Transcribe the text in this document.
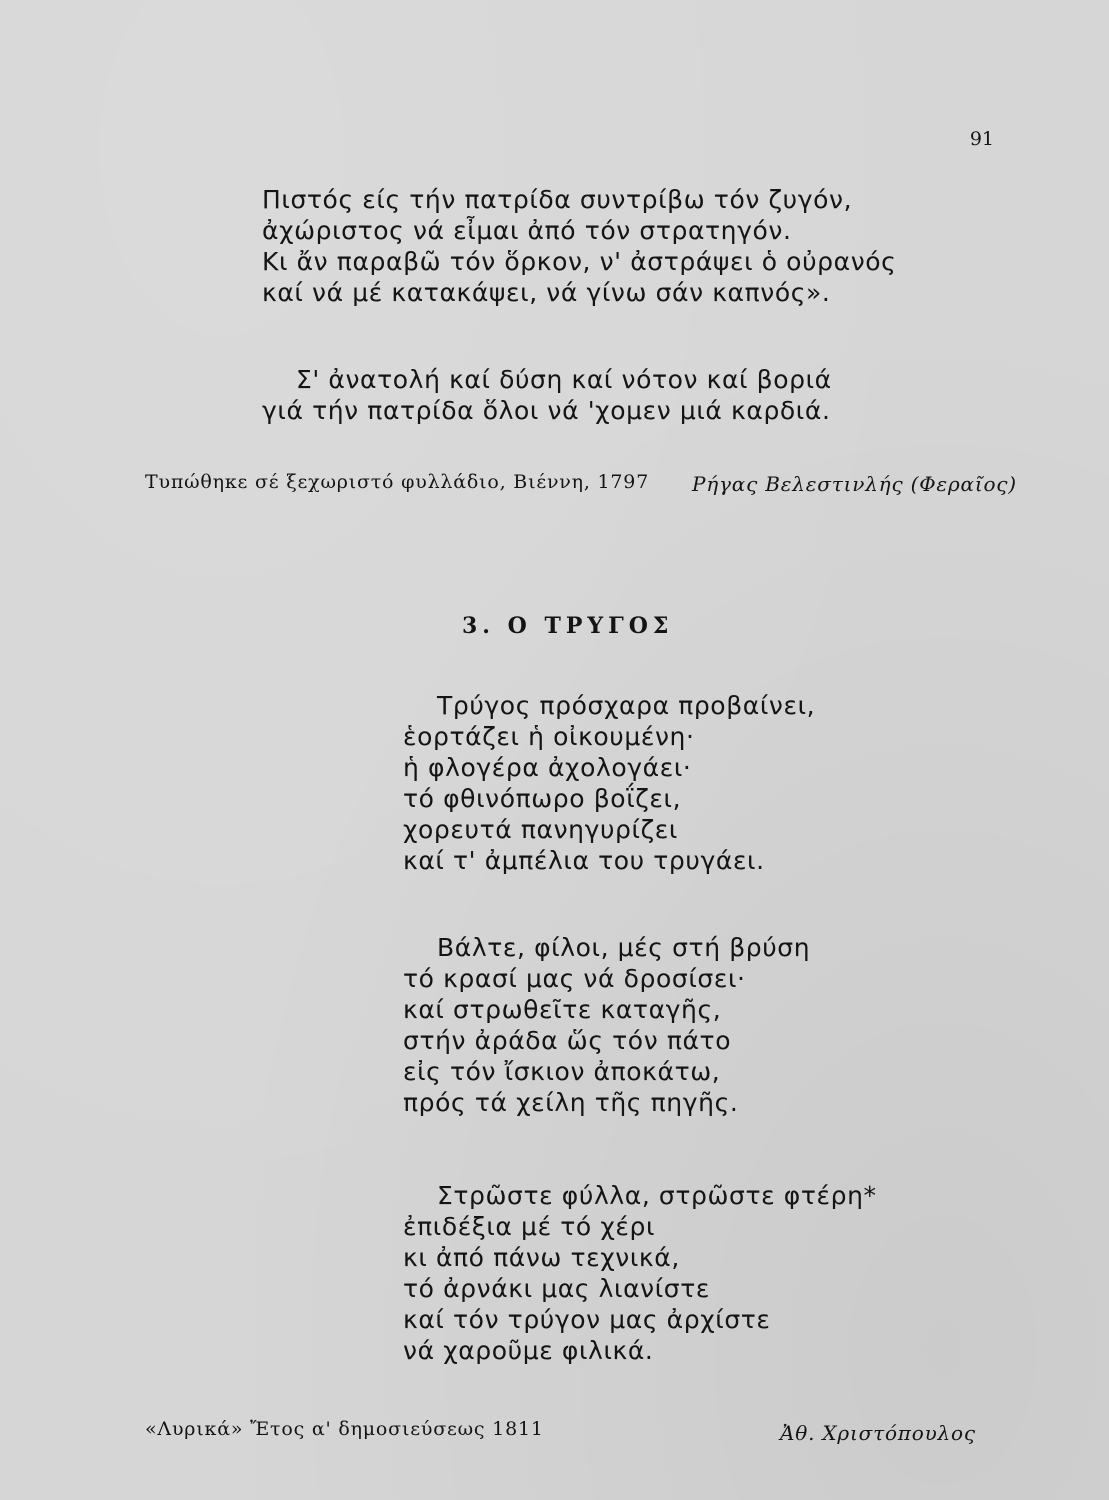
91
Πιστός είς τήν πατρίδα συντρίβω τόν ζυγόν,
ἀχώριστος νά εἶμαι ἀπό τόν στρατηγόν.
Κι ἄν παραβῶ τόν ὅρκον, ν' ἀστράψει ὁ οὐρανός
καί νά μέ κατακάψει, νά γίνω σάν καπνός».
Σ' ἀνατολή καί δύση καί νότον καί βοριά
γιά τήν πατρίδα ὅλοι νά 'χομεν μιά καρδιά.
Τυπώθηκε σέ ξεχωριστό φυλλάδιο, Βιέννη, 1797 Ρήγας Βελεστινλής (Φεραῖος)
3. Ο ΤΡΥΓΟΣ
Τρύγος πρόσχαρα προβαίνει,
ἑορτάζει ἡ οἰκουμένη·
ἡ φλογέρα ἀχολογάει·
τό φθινόπωρο βοΐζει,
χορευτά πανηγυρίζει
καί τ' ἀμπέλια του τρυγάει.
Βάλτε, φίλοι, μές στή βρύση
τό κρασί μας νά δροσίσει·
καί στρωθεῖτε καταγῆς,
στήν ἀράδα ὥς τόν πάτο
εἰς τόν ἴσκιον ἀποκάτω,
πρός τά χείλη τῆς πηγῆς.
Στρῶστε φύλλα, στρῶστε φτέρη*
ἐπιδέξια μέ τό χέρι
κι ἀπό πάνω τεχνικά,
τό ἀρνάκι μας λιανίστε
καί τόν τρύγον μας ἀρχίστε
νά χαροῦμε φιλικά.
«Λυρικά» Ἔτος α' δημοσιεύσεως 1811	Ἀθ. Χριστόπουλος
